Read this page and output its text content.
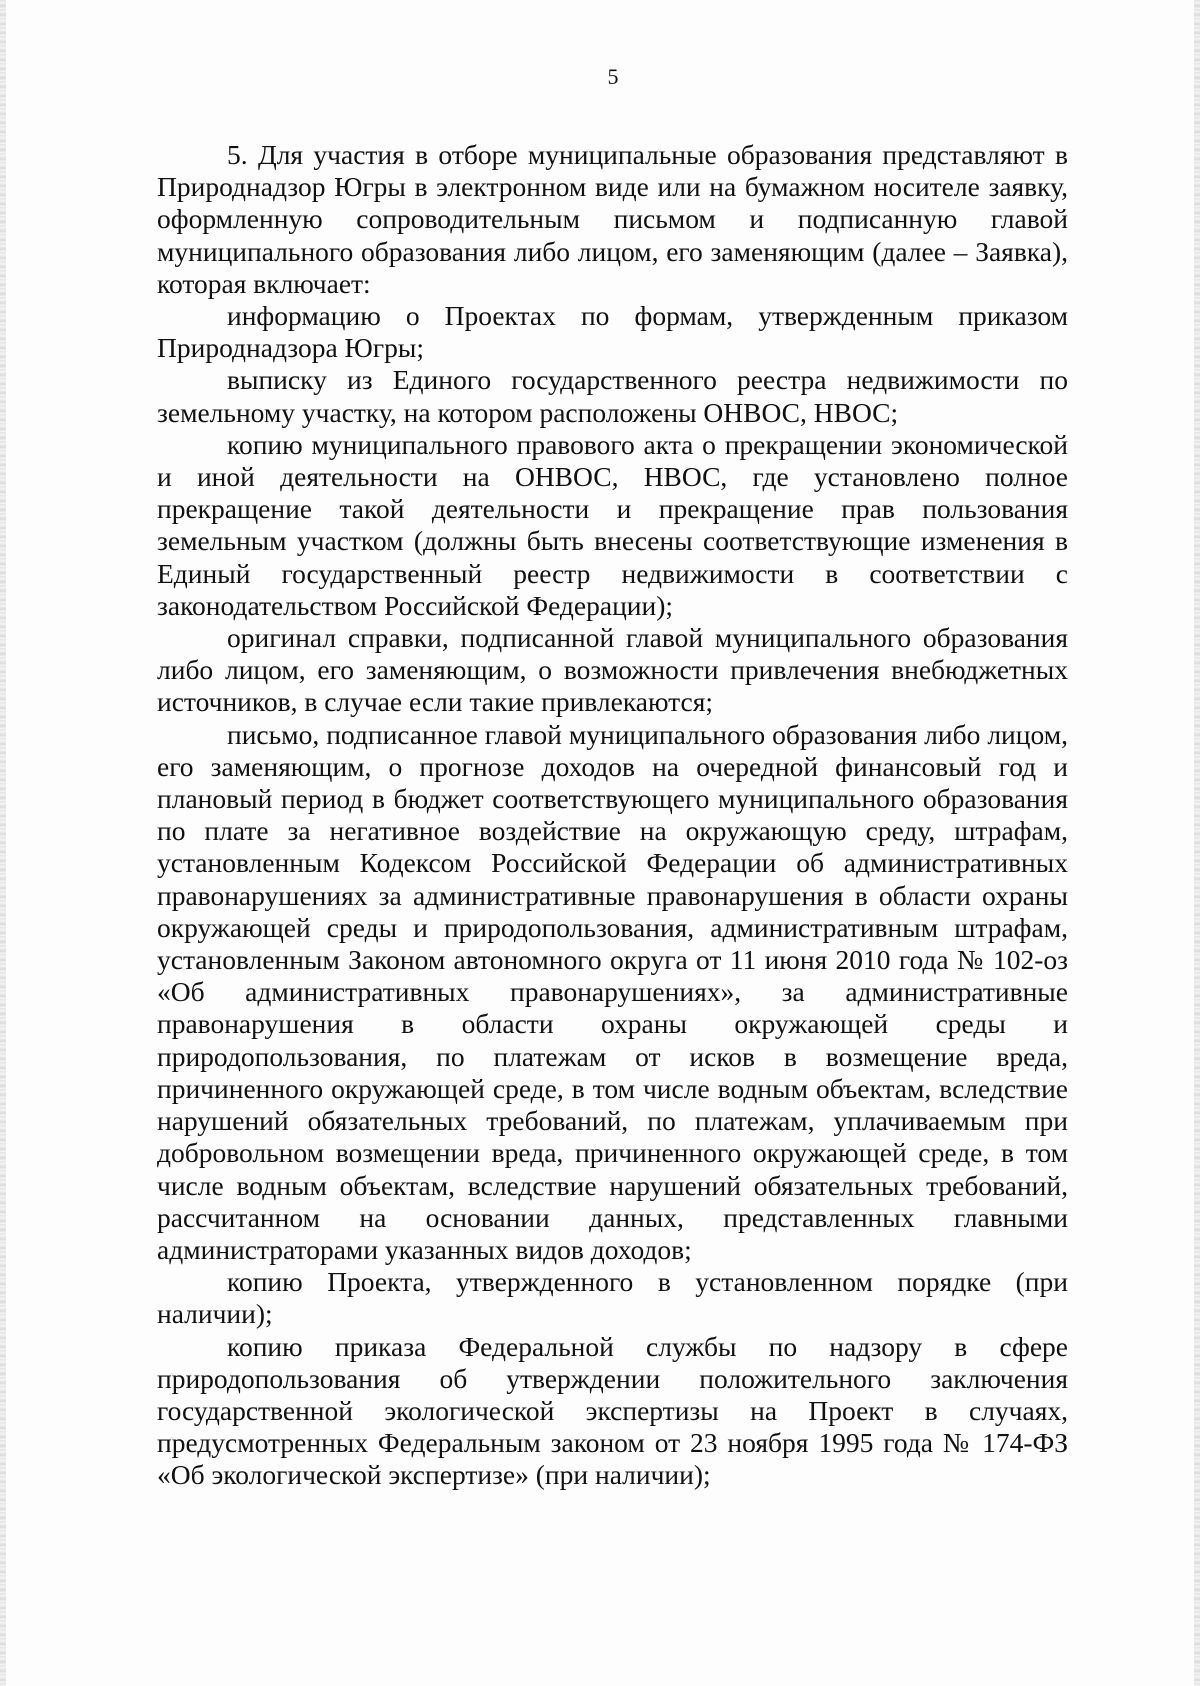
5

5. Для участия в отборе муниципальные образования представляют в Природнадзор Югры в электронном виде или на бумажном носителе заявку, оформленную сопроводительным письмом и подписанную главой муниципального образования либо лицом, его заменяющим (далее – Заявка), которая включает:

информацию о Проектах по формам, утвержденным приказом Природнадзора Югры;

выписку из Единого государственного реестра недвижимости по земельному участку, на котором расположены ОНВОС, НВОС;

копию муниципального правового акта о прекращении экономической и иной деятельности на ОНВОС, НВОС, где установлено полное прекращение такой деятельности и прекращение прав пользования земельным участком (должны быть внесены соответствующие изменения в Единый государственный реестр недвижимости в соответствии с законодательством Российской Федерации);

оригинал справки, подписанной главой муниципального образования либо лицом, его заменяющим, о возможности привлечения внебюджетных источников, в случае если такие привлекаются;

письмо, подписанное главой муниципального образования либо лицом, его заменяющим, о прогнозе доходов на очередной финансовый год и плановый период в бюджет соответствующего муниципального образования по плате за негативное воздействие на окружающую среду, штрафам, установленным Кодексом Российской Федерации об административных правонарушениях за административные правонарушения в области охраны окружающей среды и природопользования, административным штрафам, установленным Законом автономного округа от 11 июня 2010 года № 102-оз «Об административных правонарушениях», за административные правонарушения в области охраны окружающей среды и природопользования, по платежам от исков в возмещение вреда, причиненного окружающей среде, в том числе водным объектам, вследствие нарушений обязательных требований, по платежам, уплачиваемым при добровольном возмещении вреда, причиненного окружающей среде, в том числе водным объектам, вследствие нарушений обязательных требований, рассчитанном на основании данных, представленных главными администраторами указанных видов доходов;

копию Проекта, утвержденного в установленном порядке (при наличии);

копию приказа Федеральной службы по надзору в сфере природопользования об утверждении положительного заключения государственной экологической экспертизы на Проект в случаях, предусмотренных Федеральным законом от 23 ноября 1995 года № 174-ФЗ «Об экологической экспертизе» (при наличии);
